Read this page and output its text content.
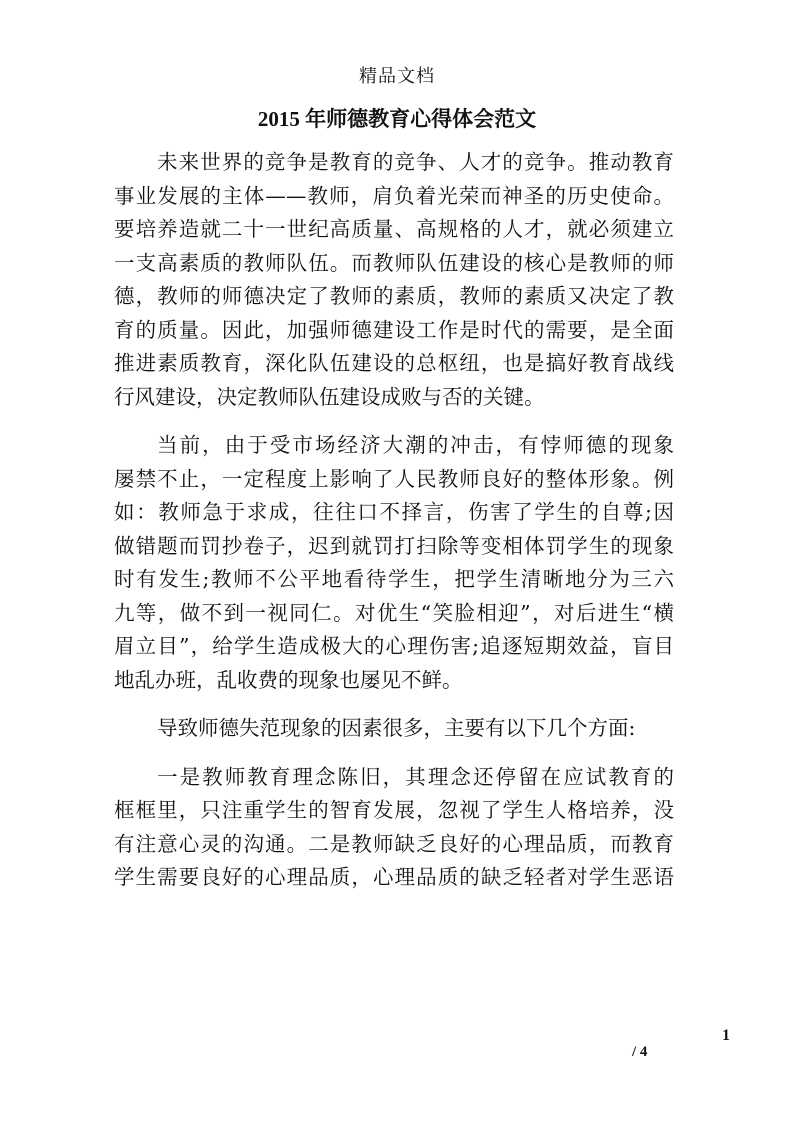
精品文档
2015 年师德教育心得体会范文
未来世界的竞争是教育的竞争、人才的竞争。推动教育
事业发展的主体——教师，肩负着光荣而神圣的历史使命。
要培养造就二十一世纪高质量、高规格的人才，就必须建立
一支高素质的教师队伍。而教师队伍建设的核心是教师的师
德，教师的师德决定了教师的素质，教师的素质又决定了教
育的质量。因此，加强师德建设工作是时代的需要，是全面
推进素质教育，深化队伍建设的总枢纽，也是搞好教育战线
行风建设，决定教师队伍建设成败与否的关键。
当前，由于受市场经济大潮的冲击，有悖师德的现象
屡禁不止，一定程度上影响了人民教师良好的整体形象。例
如：教师急于求成，往往口不择言，伤害了学生的自尊;因
做错题而罚抄卷子，迟到就罚打扫除等变相体罚学生的现象
时有发生;教师不公平地看待学生，把学生清晰地分为三六
九等，做不到一视同仁。对优生“笑脸相迎”，对后进生“横
眉立目”，给学生造成极大的心理伤害;追逐短期效益，盲目
地乱办班，乱收费的现象也屡见不鲜。
导致师德失范现象的因素很多，主要有以下几个方面:
一是教师教育理念陈旧，其理念还停留在应试教育的
框框里，只注重学生的智育发展，忽视了学生人格培养，没
有注意心灵的沟通。二是教师缺乏良好的心理品质，而教育
学生需要良好的心理品质，心理品质的缺乏轻者对学生恶语
1
/ 4
